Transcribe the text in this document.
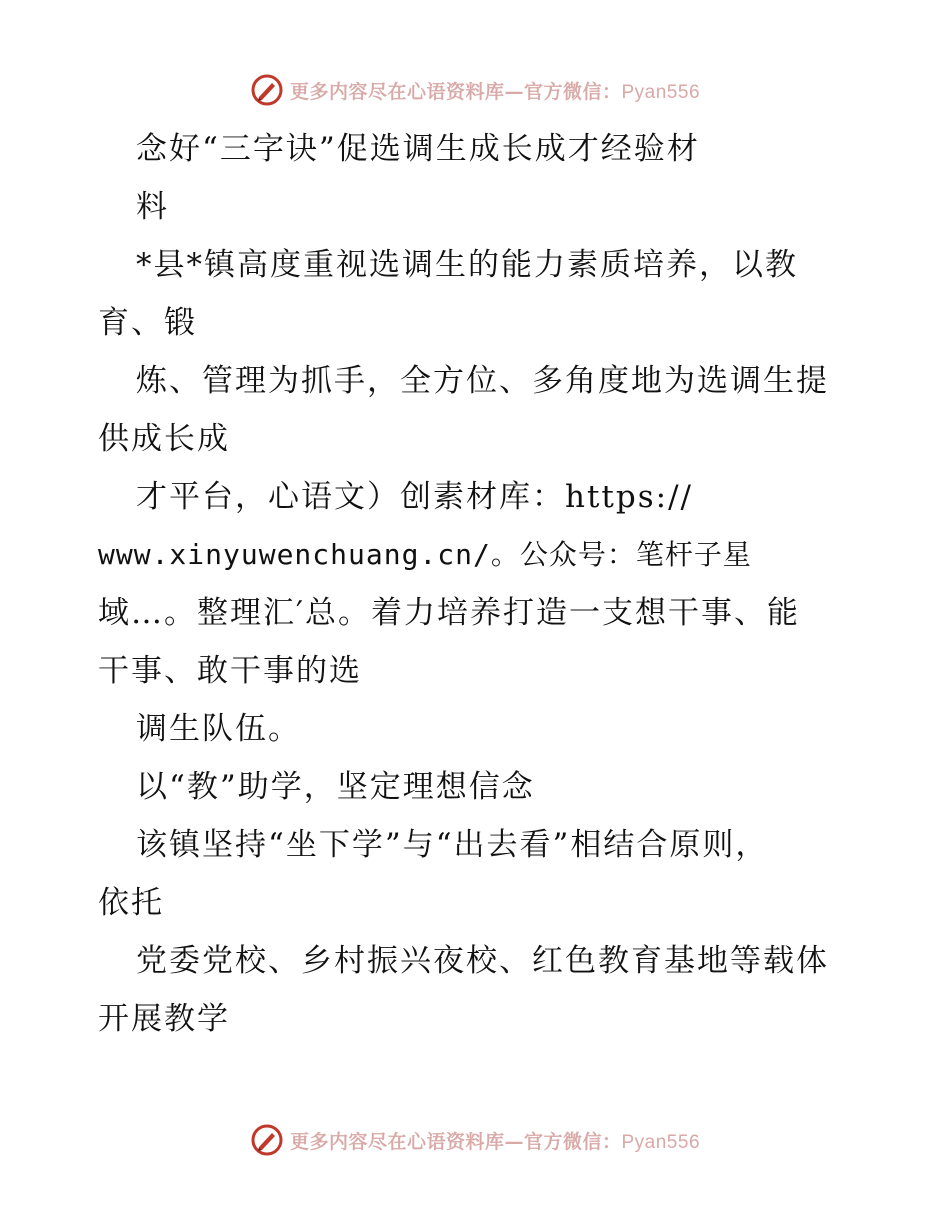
更多内容尽在心语资料库—官方微信：Pyan556
念好“三字诀”促选调生成长成才经验材
料
*县*镇高度重视选调生的能力素质培养，以教
育、锻
炼、管理为抓手，全方位、多角度地为选调生提
供成长成
才平台，心语文）创素材库：https://
www.xinyuwenchuang.cn/。公众号：笔杆子星
域…。整理汇′总。着力培养打造一支想干事、能
干事、敢干事的选
调生队伍。
以“教”助学，坚定理想信念
该镇坚持“坐下学”与“出去看”相结合原则，
依托
党委党校、乡村振兴夜校、红色教育基地等载体
开展教学
更多内容尽在心语资料库—官方微信：Pyan556
